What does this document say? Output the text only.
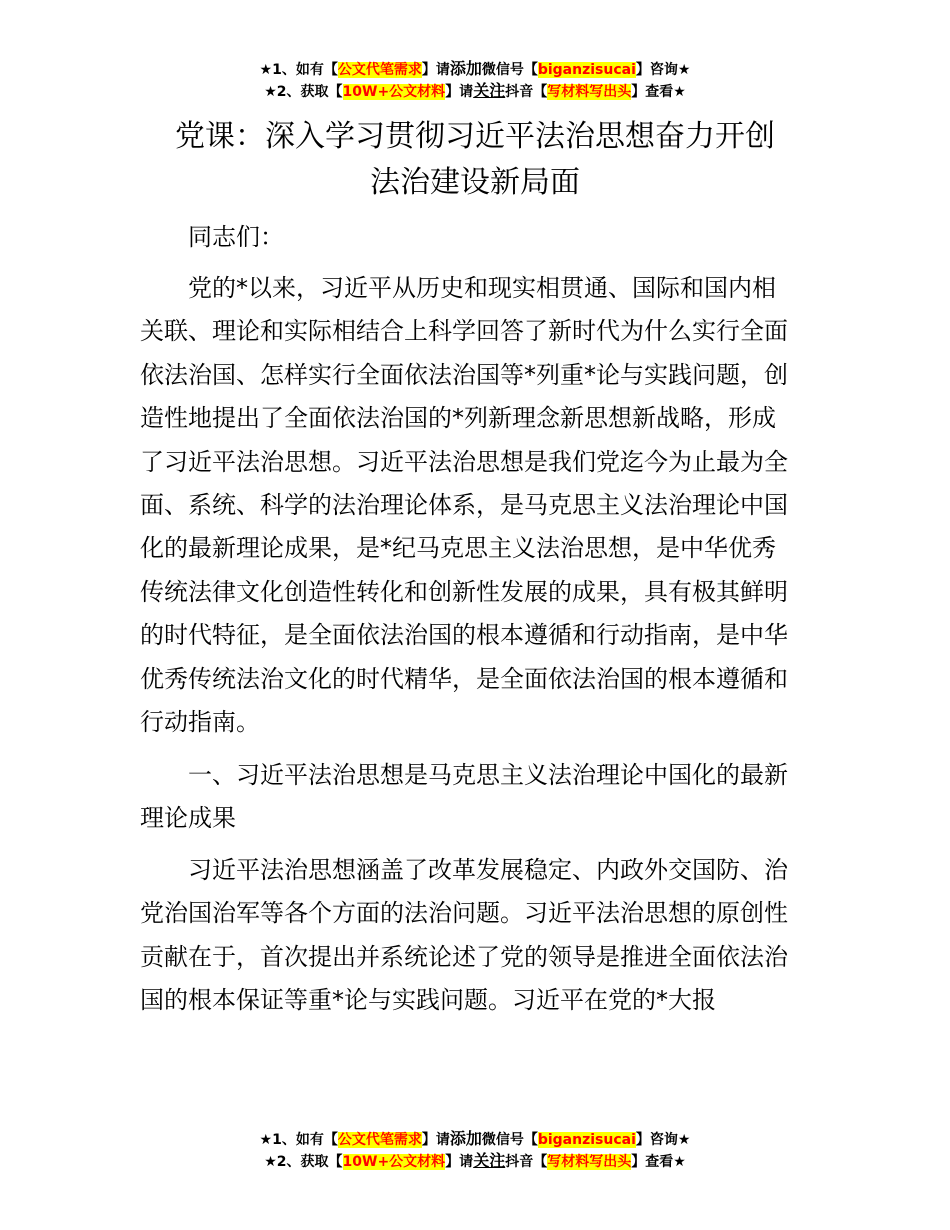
★1、如有【公文代笔需求】请添加微信号【biganzisucai】咨询★
★2、获取【10W+公文材料】请关注抖音【写材料写出头】查看★
党课：深入学习贯彻习近平法治思想奋力开创
法治建设新局面
同志们：
党的*以来，习近平从历史和现实相贯通、国际和国内相
关联、理论和实际相结合上科学回答了新时代为什么实行全面
依法治国、怎样实行全面依法治国等*列重*论与实践问题，创
造性地提出了全面依法治国的*列新理念新思想新战略，形成
了习近平法治思想。习近平法治思想是我们党迄今为止最为全
面、系统、科学的法治理论体系，是马克思主义法治理论中国
化的最新理论成果，是*纪马克思主义法治思想，是中华优秀
传统法律文化创造性转化和创新性发展的成果，具有极其鲜明
的时代特征，是全面依法治国的根本遵循和行动指南，是中华
优秀传统法治文化的时代精华，是全面依法治国的根本遵循和
行动指南。
一、习近平法治思想是马克思主义法治理论中国化的最新
理论成果
习近平法治思想涵盖了改革发展稳定、内政外交国防、治
党治国治军等各个方面的法治问题。习近平法治思想的原创性
贡献在于，首次提出并系统论述了党的领导是推进全面依法治
国的根本保证等重*论与实践问题。习近平在党的*大报
★1、如有【公文代笔需求】请添加微信号【biganzisucai】咨询★
★2、获取【10W+公文材料】请关注抖音【写材料写出头】查看★
